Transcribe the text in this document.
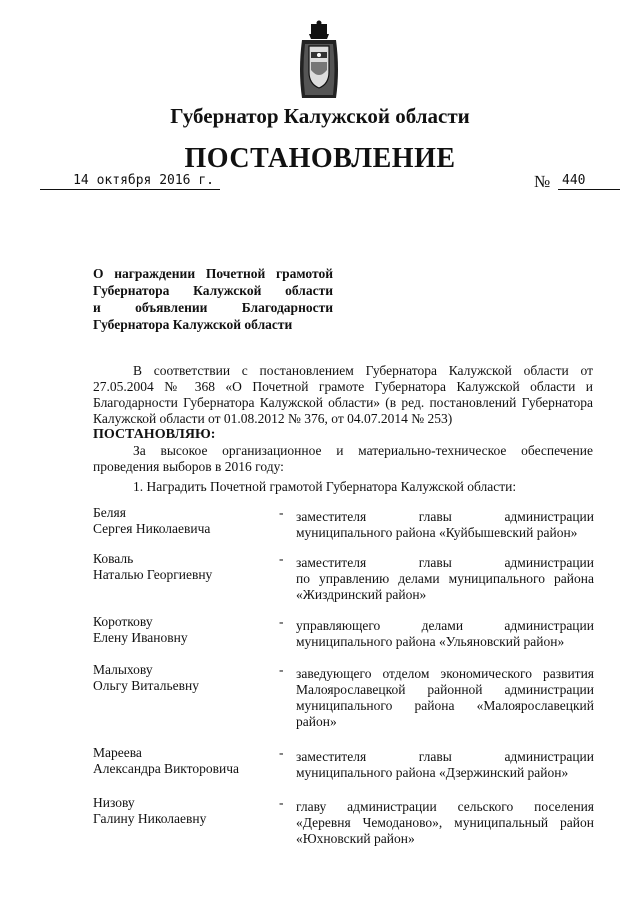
Губернатор Калужской области
ПОСТАНОВЛЕНИЕ
14 октября 2016 г.	№ 440
О награждении Почетной грамотой
Губернатора Калужской области
и объявлении Благодарности
Губернатора Калужской области
В соответствии с постановлением Губернатора Калужской области от 27.05.2004 № 368 «О Почетной грамоте Губернатора Калужской области и Благодарности Губернатора Калужской области» (в ред. постановлений Губернатора Калужской области от 01.08.2012 № 376, от 04.07.2014 № 253)
ПОСТАНОВЛЯЮ:
За высокое организационное и материально-техническое обеспечение проведения выборов в 2016 году:
1. Наградить Почетной грамотой Губернатора Калужской области:
Беляя
Сергея Николаевича
- заместителя главы администрации
муниципального района «Куйбышевский район»
Коваль
Наталью Георгиевну
- заместителя главы администрации
по управлению делами муниципального района
«Жиздринский район»
Короткову
Елену Ивановну
- управляющего делами администрации
муниципального района «Ульяновский район»
Малыхову
Ольгу Витальевну
- заведующего отделом экономического развития
Малоярославецкой районной администрации
муниципального района «Малоярославецкий
район»
Мареева
Александра Викторовича
- заместителя главы администрации
муниципального района «Дзержинский район»
Низову
Галину Николаевну
- главу администрации сельского поселения
«Деревня Чемоданово», муниципальный район
«Юхновский район»
